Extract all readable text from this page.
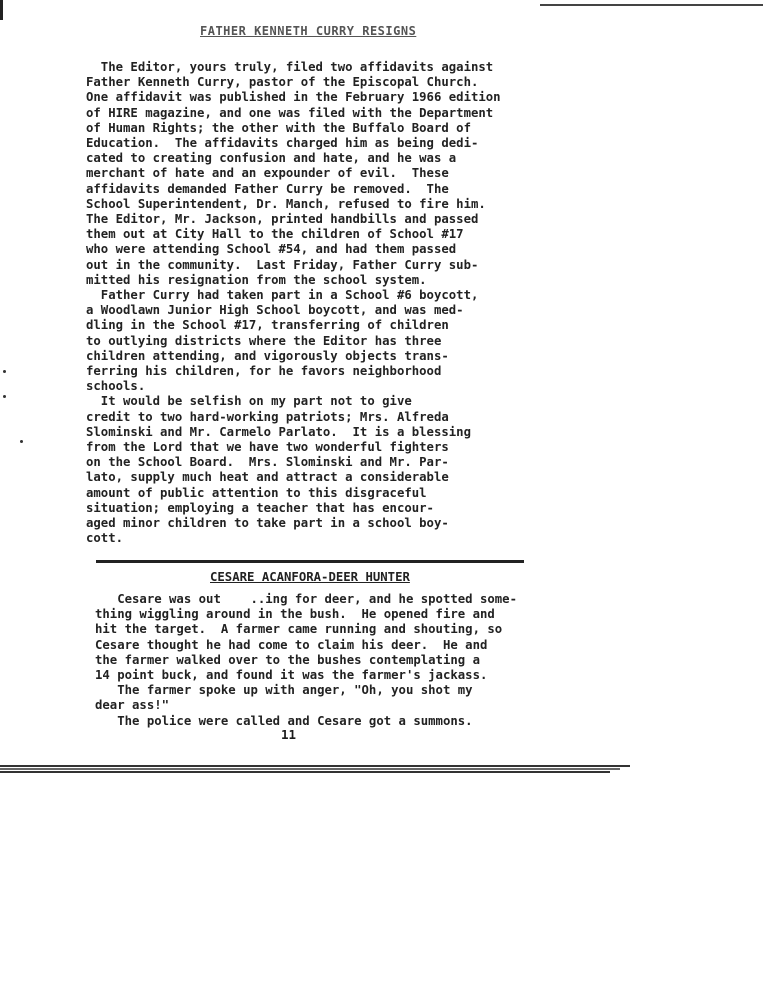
FATHER KENNETH CURRY RESIGNS
The Editor, yours truly, filed two affidavits against
Father Kenneth Curry, pastor of the Episcopal Church.
One affidavit was published in the February 1966 edition
of HIRE magazine, and one was filed with the Department
of Human Rights; the other with the Buffalo Board of
Education.  The affidavits charged him as being dedi-
cated to creating confusion and hate, and he was a
merchant of hate and an expounder of evil.  These
affidavits demanded Father Curry be removed.  The
School Superintendent, Dr. Manch, refused to fire him.
The Editor, Mr. Jackson, printed handbills and passed
them out at City Hall to the children of School #17
who were attending School #54, and had them passed
out in the community.  Last Friday, Father Curry sub-
mitted his resignation from the school system.
Father Curry had taken part in a School #6 boycott,
a Woodlawn Junior High School boycott, and was med-
dling in the School #17, transferring of children
to outlying districts where the Editor has three
children attending, and vigorously objects trans-
ferring his children, for he favors neighborhood
schools.
It would be selfish on my part not to give
credit to two hard-working patriots; Mrs. Alfreda
Slominski and Mr. Carmelo Parlato.  It is a blessing
from the Lord that we have two wonderful fighters
on the School Board.  Mrs. Slominski and Mr. Par-
lato, supply much heat and attract a considerable
amount of public attention to this disgraceful
situation; employing a teacher that has encour-
aged minor children to take part in a school boy-
cott.
CESARE ACANFORA-DEER HUNTER
Cesare was out    ..ing for deer, and he spotted some-
thing wiggling around in the bush.  He opened fire and
hit the target.  A farmer came running and shouting, so
Cesare thought he had come to claim his deer.  He and
the farmer walked over to the bushes contemplating a
14 point buck, and found it was the farmer's jackass.
The farmer spoke up with anger, "Oh, you shot my
dear ass!"
The police were called and Cesare got a summons.
11
